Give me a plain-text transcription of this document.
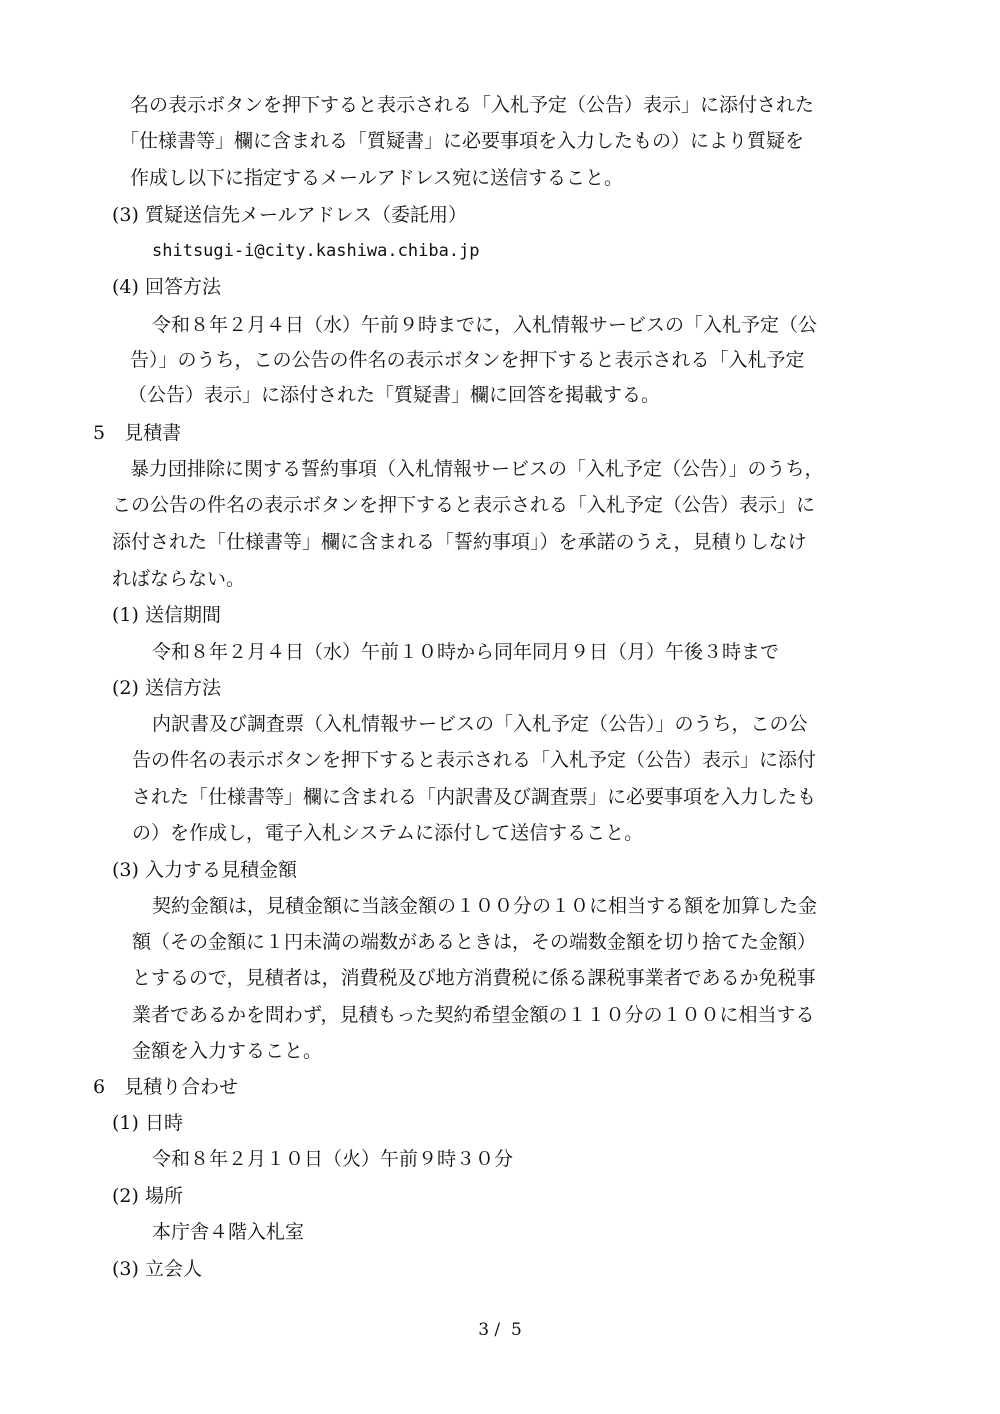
名の表示ボタンを押下すると表示される「入札予定（公告）表示」に添付された
「仕様書等」欄に含まれる「質疑書」に必要事項を入力したもの）により質疑を
作成し以下に指定するメールアドレス宛に送信すること。
(3) 質疑送信先メールアドレス（委託用）
shitsugi-i@city.kashiwa.chiba.jp
(4) 回答方法
令和８年２月４日（水）午前９時までに，入札情報サービスの「入札予定（公
告）」のうち，この公告の件名の表示ボタンを押下すると表示される「入札予定
（公告）表示」に添付された「質疑書」欄に回答を掲載する。
5　見積書
暴力団排除に関する誓約事項（入札情報サービスの「入札予定（公告）」のうち，
この公告の件名の表示ボタンを押下すると表示される「入札予定（公告）表示」に
添付された「仕様書等」欄に含まれる「誓約事項」）を承諾のうえ，見積りしなけ
ればならない。
(1) 送信期間
令和８年２月４日（水）午前１０時から同年同月９日（月）午後３時まで
(2) 送信方法
内訳書及び調査票（入札情報サービスの「入札予定（公告）」のうち，この公
告の件名の表示ボタンを押下すると表示される「入札予定（公告）表示」に添付
された「仕様書等」欄に含まれる「内訳書及び調査票」に必要事項を入力したも
の）を作成し，電子入札システムに添付して送信すること。
(3) 入力する見積金額
契約金額は，見積金額に当該金額の１００分の１０に相当する額を加算した金
額（その金額に１円未満の端数があるときは，その端数金額を切り捨てた金額）
とするので，見積者は，消費税及び地方消費税に係る課税事業者であるか免税事
業者であるかを問わず，見積もった契約希望金額の１１０分の１００に相当する
金額を入力すること。
6　見積り合わせ
(1) 日時
令和８年２月１０日（火）午前９時３０分
(2) 場所
本庁舎４階入札室
(3) 立会人
3 /  5
